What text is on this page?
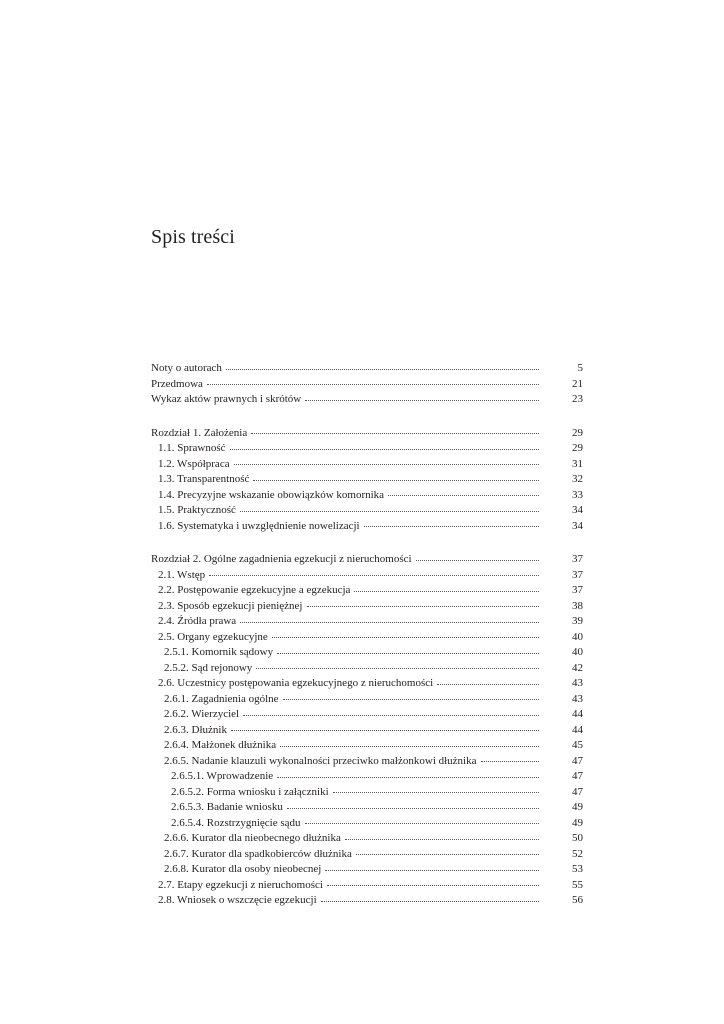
Spis treści
Noty o autorach	5
Przedmowa	21
Wykaz aktów prawnych i skrótów	23
Rozdział 1. Założenia	29
1.1. Sprawność	29
1.2. Współpraca	31
1.3. Transparentność	32
1.4. Precyzyjne wskazanie obowiązków komornika	33
1.5. Praktyczność	34
1.6. Systematyka i uwzględnienie nowelizacji	34
Rozdział 2. Ogólne zagadnienia egzekucji z nieruchomości	37
2.1. Wstęp	37
2.2. Postępowanie egzekucyjne a egzekucja	37
2.3. Sposób egzekucji pieniężnej	38
2.4. Źródła prawa	39
2.5. Organy egzekucyjne	40
2.5.1. Komornik sądowy	40
2.5.2. Sąd rejonowy	42
2.6. Uczestnicy postępowania egzekucyjnego z nieruchomości	43
2.6.1. Zagadnienia ogólne	43
2.6.2. Wierzyciel	44
2.6.3. Dłużnik	44
2.6.4. Małżonek dłużnika	45
2.6.5. Nadanie klauzuli wykonalności przeciwko małżonkowi dłużnika	47
2.6.5.1. Wprowadzenie	47
2.6.5.2. Forma wniosku i załączniki	47
2.6.5.3. Badanie wniosku	49
2.6.5.4. Rozstrzygnięcie sądu	49
2.6.6. Kurator dla nieobecnego dłużnika	50
2.6.7. Kurator dla spadkobierców dłużnika	52
2.6.8. Kurator dla osoby nieobecnej	53
2.7. Etapy egzekucji z nieruchomości	55
2.8. Wniosek o wszczęcie egzekucji	56
